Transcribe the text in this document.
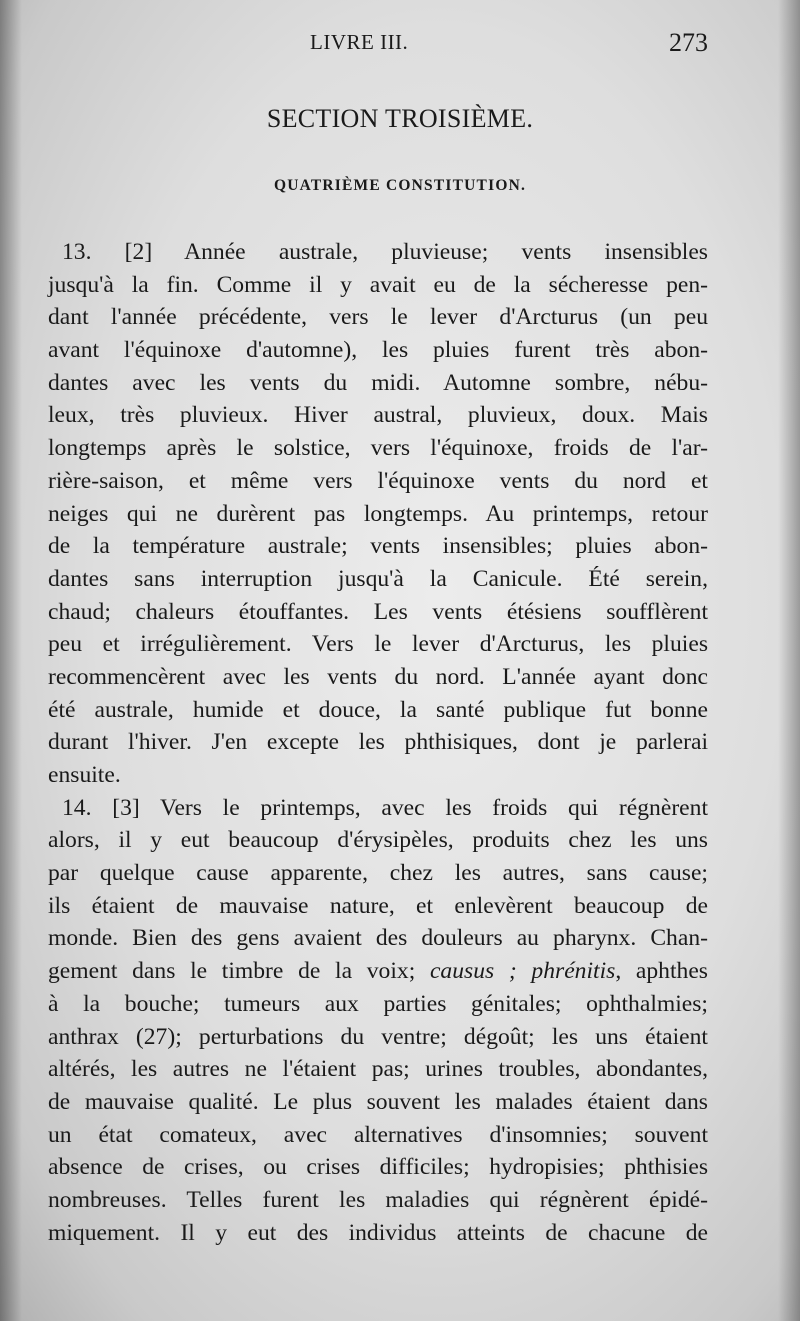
LIVRE III.	273
SECTION TROISIÈME.
QUATRIÈME CONSTITUTION.
13. [2] Année australe, pluvieuse; vents insensibles
jusqu'à la fin. Comme il y avait eu de la sécheresse pen-
dant l'année précédente, vers le lever d'Arcturus (un peu
avant l'équinoxe d'automne), les pluies furent très abon-
dantes avec les vents du midi. Automne sombre, nébu-
leux, très pluvieux. Hiver austral, pluvieux, doux. Mais
longtemps après le solstice, vers l'équinoxe, froids de l'ar-
rière-saison, et même vers l'équinoxe vents du nord et
neiges qui ne durèrent pas longtemps. Au printemps, retour
de la température australe; vents insensibles; pluies abon-
dantes sans interruption jusqu'à la Canicule. Été serein,
chaud; chaleurs étouffantes. Les vents étésiens soufflèrent
peu et irrégulièrement. Vers le lever d'Arcturus, les pluies
recommencèrent avec les vents du nord. L'année ayant donc
été australe, humide et douce, la santé publique fut bonne
durant l'hiver. J'en excepte les phthisiques, dont je parlerai
ensuite.
14. [3] Vers le printemps, avec les froids qui régnèrent
alors, il y eut beaucoup d'érysipèles, produits chez les uns
par quelque cause apparente, chez les autres, sans cause;
ils étaient de mauvaise nature, et enlevèrent beaucoup de
monde. Bien des gens avaient des douleurs au pharynx. Chan-
gement dans le timbre de la voix; causus ; phrénitis, aphthes
à la bouche; tumeurs aux parties génitales; ophthalmies;
anthrax (27); perturbations du ventre; dégoût; les uns étaient
altérés, les autres ne l'étaient pas; urines troubles, abondantes,
de mauvaise qualité. Le plus souvent les malades étaient dans
un état comateux, avec alternatives d'insomnies; souvent
absence de crises, ou crises difficiles; hydropisies; phthisies
nombreuses. Telles furent les maladies qui régnèrent épidé-
miquement. Il y eut des individus atteints de chacune de
